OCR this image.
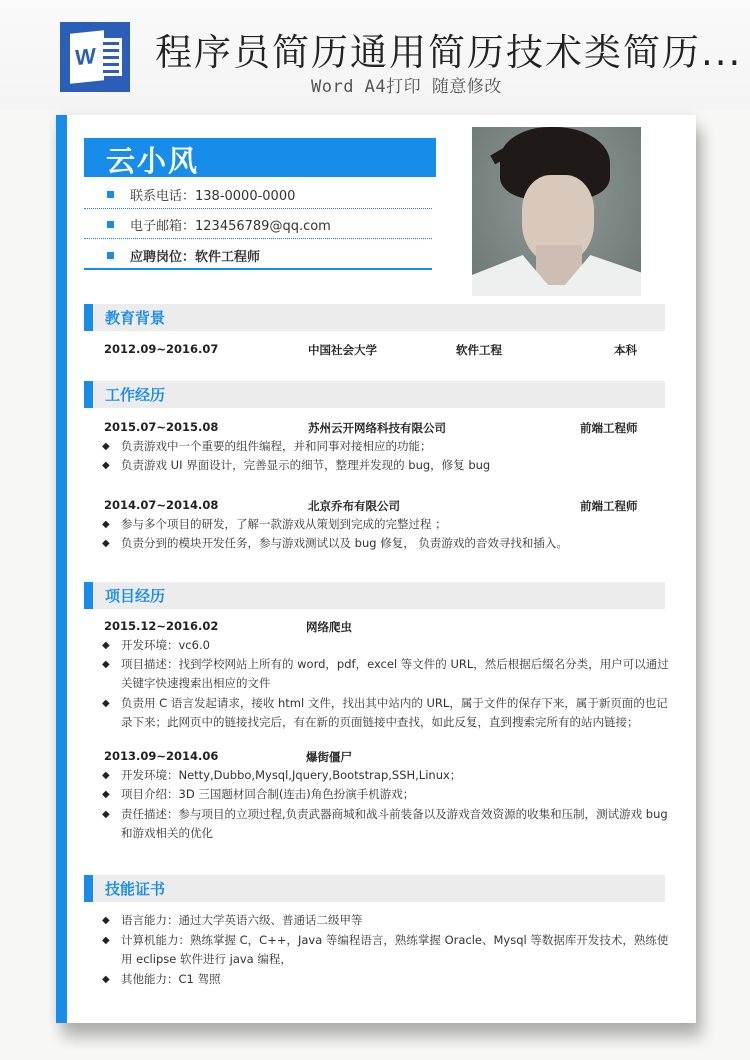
W 程序员简历通用简历技术类简历...
Word A4打印 随意修改
云小风
联系电话：138-0000-0000
电子邮箱：123456789@qq.com
应聘岗位：软件工程师
教育背景
2012.09~2016.07	中国社会大学	软件工程	本科
工作经历
2015.07~2015.08	苏州云开网络科技有限公司	前端工程师
◆ 负责游戏中一个重要的组件编程，并和同事对接相应的功能；
◆ 负责游戏 UI 界面设计，完善显示的细节，整理并发现的 bug，修复 bug
2014.07~2014.08	北京乔布有限公司	前端工程师
◆ 参与多个项目的研发，了解一款游戏从策划到完成的完整过程 ；
◆ 负责分到的模块开发任务，参与游戏测试以及 bug 修复， 负责游戏的音效寻找和插入。
项目经历
2015.12~2016.02	网络爬虫
◆ 开发环境：vc6.0
◆ 项目描述：找到学校网站上所有的 word，pdf，excel 等文件的 URL，然后根据后缀名分类，用户可以通过关键字快速搜索出相应的文件
◆ 负责用 C 语言发起请求，接收 html 文件，找出其中站内的 URL，属于文件的保存下来，属于新页面的也记录下来；此网页中的链接找完后，有在新的页面链接中查找，如此反复，直到搜索完所有的站内链接；
2013.09~2014.06	爆街僵尸
◆ 开发环境：Netty,Dubbo,Mysql,Jquery,Bootstrap,SSH,Linux；
◆ 项目介绍：3D 三国题材回合制(连击)角色扮演手机游戏；
◆ 责任描述：参与项目的立项过程,负责武器商城和战斗前装备以及游戏音效资源的收集和压制，测试游戏 bug 和游戏相关的优化
技能证书
◆ 语言能力：通过大学英语六级、普通话二级甲等
◆ 计算机能力：熟练掌握 C，C++，Java 等编程语言，熟练掌握 Oracle、Mysql 等数据库开发技术，熟练使用 eclipse 软件进行 java 编程，
◆ 其他能力：C1 驾照
